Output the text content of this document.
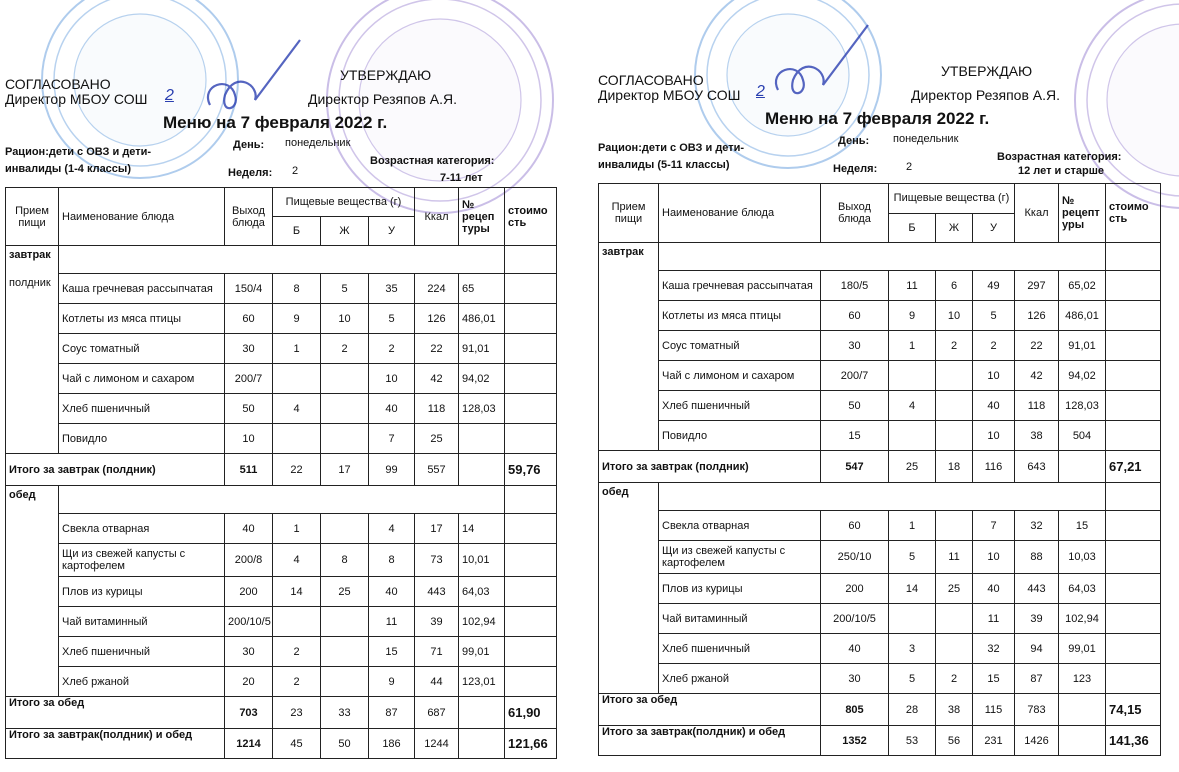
СОГЛАСОВАНО
Директор МБОУ СОШ 2
УТВЕРЖДАЮ
Директор Резяпов А.Я.
Меню на 7 февраля 2022 г.
Рацион:дети с ОВЗ и дети-инвалиды (1-4 классы)
День: понедельник
Неделя: 2
Возрастная категория:
7-11 лет
Прием пищи	Наименование блюда	Выход блюда	Пищевые вещества (г)			Ккал	№ рецеп туры	стоимо сть
			Б	Ж	У			

завтрак
полдник								

	Каша гречневая рассыпчатая	150/4	8	5	35	224	65	
	Котлеты из мяса птицы	60	9	10	5	126	486,01	
	Соус томатный	30	1	2	2	22	91,01	
	Чай с лимоном и сахаром	200/7			10	42	94,02	
	Хлеб пшеничный	50	4		40	118	128,03	
	Повидло	10			7	25		
Итого за завтрак (полдник)		511	22	17	99	557		59,76

обед								

	Свекла отварная	40	1		4	17	14	
	Щи из свежей капусты с картофелем	200/8	4	8	8	73	10,01	
	Плов из курицы	200	14	25	40	443	64,03	
	Чай витаминный	200/10/5			11	39	102,94	
	Хлеб пшеничный	30	2		15	71	99,01	
	Хлеб ржаной	20	2		9	44	123,01	
Итого за обед		703	23	33	87	687		61,90
Итого за завтрак(полдник) и обед		1214	45	50	186	1244		121,66
СОГЛАСОВАНО
Директор МБОУ СОШ 2
УТВЕРЖДАЮ
Директор Резяпов А.Я.
Меню на 7 февраля 2022 г.
Рацион:дети с ОВЗ и дети-инвалиды (5-11 классы)
День: понедельник
Неделя:	2
Возрастная категория:
12 лет и старше
Прием пищи	Наименование блюда	Выход блюда	Пищевые вещества (г)			Ккал	№ рецепт уры	стоимо сть
			Б	Ж	У			

завтрак								

	Каша гречневая рассыпчатая	180/5	11	6	49	297	65,02	
	Котлеты из мяса птицы	60	9	10	5	126	486,01	
	Соус томатный	30	1	2	2	22	91,01	
	Чай с лимоном и сахаром	200/7			10	42	94,02	
	Хлеб пшеничный	50	4		40	118	128,03	
	Повидло	15			10	38	504	
Итого за завтрак (полдник)		547	25	18	116	643		67,21

обед								

	Свекла отварная	60	1		7	32	15	
	Щи из свежей капусты с картофелем	250/10	5	11	10	88	10,03	
	Плов из курицы	200	14	25	40	443	64,03	
	Чай витаминный	200/10/5			11	39	102,94	
	Хлеб пшеничный	40	3		32	94	99,01	
	Хлеб ржаной	30	5	2	15	87	123	
Итого за обед		805	28	38	115	783		74,15
Итого за завтрак(полдник) и обед		1352	53	56	231	1426		141,36
